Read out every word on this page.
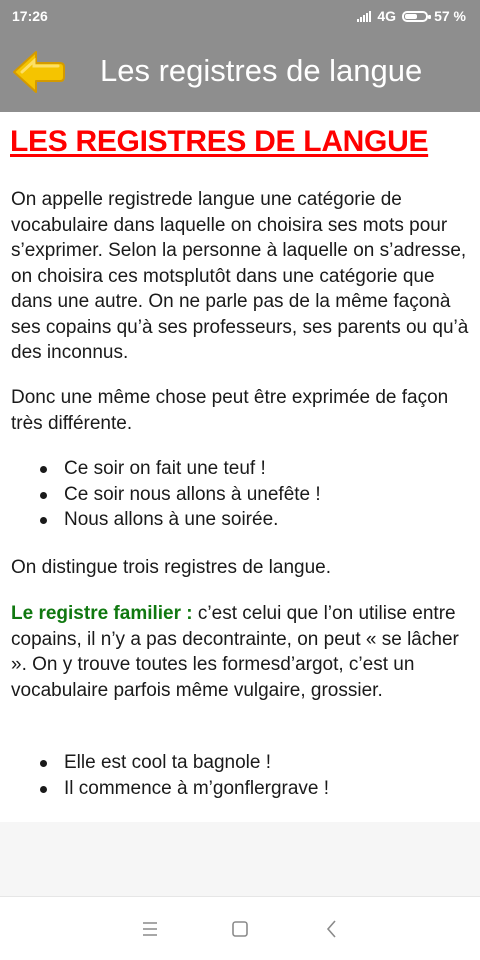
17:26	4G	57 %
Les registres de langue
LES REGISTRES DE LANGUE

On appelle registrede langue une catégorie de vocabulaire dans laquelle on choisira ses mots pour s’exprimer. Selon la personne à laquelle on s’adresse, on choisira ces motsplutôt dans une catégorie que dans une autre. On ne parle pas de la même façonà ses copains qu’à ses professeurs, ses parents ou qu’à des inconnus.

Donc une même chose peut être exprimée de façon très différente.

Ce soir on fait une teuf !
Ce soir nous allons à unefête !
Nous allons à une soirée.

On distingue trois registres de langue.

Le registre familier : c’est celui que l’on utilise entre copains, il n’y a pas decontrainte, on peut « se lâcher ». On y trouve toutes les formesd’argot, c’est un vocabulaire parfois même vulgaire, grossier.

Elle est cool ta bagnole !
Il commence à m’gonflergrave !
